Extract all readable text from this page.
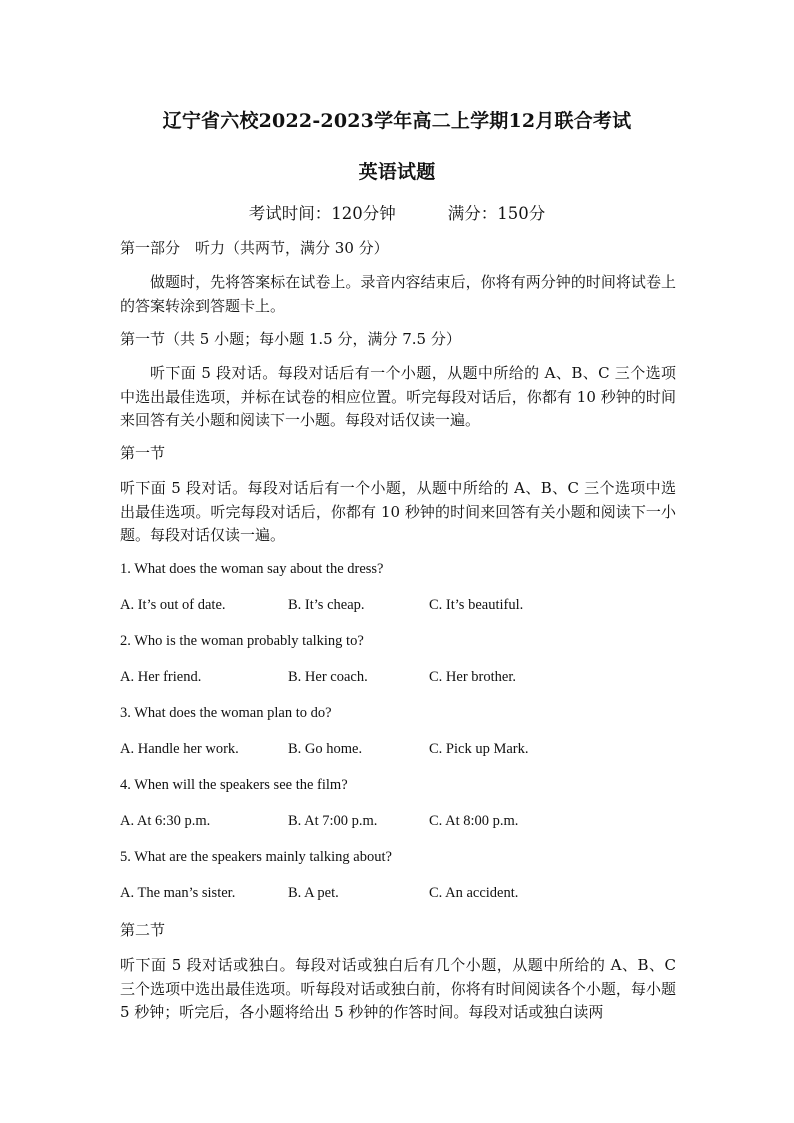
辽宁省六校2022-2023学年高二上学期12月联合考试
英语试题
考试时间：120分钟	满分：150分
第一部分　听力（共两节，满分 30 分）
做题时，先将答案标在试卷上。录音内容结束后，你将有两分钟的时间将试卷上的答案转涂到答题卡上。
第一节（共 5 小题；每小题 1.5 分，满分 7.5 分）
听下面 5 段对话。每段对话后有一个小题，从题中所给的 A、B、C 三个选项中选出最佳选项，并标在试卷的相应位置。听完每段对话后，你都有 10 秒钟的时间来回答有关小题和阅读下一小题。每段对话仅读一遍。
第一节
听下面 5 段对话。每段对话后有一个小题，从题中所给的 A、B、C 三个选项中选出最佳选项。听完每段对话后，你都有 10 秒钟的时间来回答有关小题和阅读下一小题。每段对话仅读一遍。
1. What does the woman say about the dress?
A. It’s out of date.	B. It’s cheap.	C. It’s beautiful.
2. Who is the woman probably talking to?
A. Her friend.	B. Her coach.	C. Her brother.
3. What does the woman plan to do?
A. Handle her work.	B. Go home.	C. Pick up Mark.
4. When will the speakers see the film?
A. At 6:30 p.m.	B. At 7:00 p.m.	C. At 8:00 p.m.
5. What are the speakers mainly talking about?
A. The man’s sister.	B. A pet.	C. An accident.
第二节
听下面 5 段对话或独白。每段对话或独白后有几个小题，从题中所给的 A、B、C 三个选项中选出最佳选项。听每段对话或独白前，你将有时间阅读各个小题，每小题 5 秒钟；听完后，各小题将给出 5 秒钟的作答时间。每段对话或独白读两
